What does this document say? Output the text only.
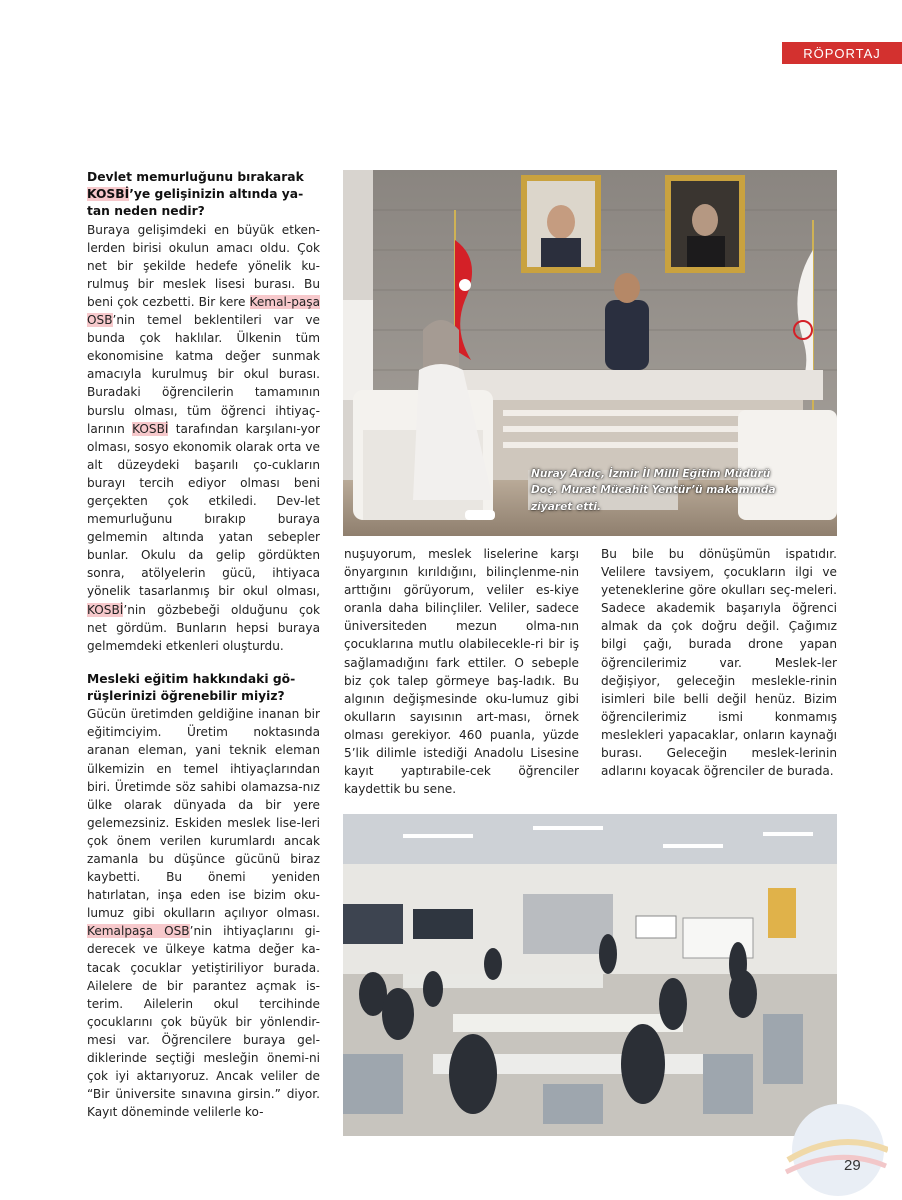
RÖPORTAJ
Devlet memurluğunu bırakarak
KOSBİ’ye gelişinizin altında ya-
tan neden nedir?

Buraya gelişimdeki en büyük etken-lerden birisi okulun amacı oldu. Çok net bir şekilde hedefe yönelik ku-rulmuş bir meslek lisesi burası. Bu beni çok cezbetti. Bir kere Kemal-paşa OSB’nin temel beklentileri var ve bunda çok haklılar. Ülkenin tüm ekonomisine katma değer sunmak amacıyla kurulmuş bir okul burası. Buradaki öğrencilerin tamamının burslu olması, tüm öğrenci ihtiyaç-larının KOSBİ tarafından karşılanı-yor olması, sosyo ekonomik olarak orta ve alt düzeydeki başarılı ço-cukların burayı tercih ediyor olması beni gerçekten çok etkiledi. Dev-let memurluğunu bırakıp buraya gelmemin altında yatan sebepler bunlar. Okulu da gelip gördükten sonra, atölyelerin gücü, ihtiyaca yönelik tasarlanmış bir okul olması, KOSBİ’nin gözbebeği olduğunu çok net gördüm. Bunların hepsi buraya gelmemdeki etkenleri oluşturdu.

Mesleki eğitim hakkındaki gö-
rüşlerinizi öğrenebilir miyiz?

Gücün üretimden geldiğine inanan bir eğitimciyim. Üretim noktasında aranan eleman, yani teknik eleman ülkemizin en temel ihtiyaçlarından biri. Üretimde söz sahibi olamazsa-nız ülke olarak dünyada da bir yere gelemezsiniz. Eskiden meslek lise-leri çok önem verilen kurumlardı ancak zamanla bu düşünce gücünü biraz kaybetti. Bu önemi yeniden hatırlatan, inşa eden ise bizim oku-lumuz gibi okulların açılıyor olması. Kemalpaşa OSB’nin ihtiyaçlarını gi-derecek ve ülkeye katma değer ka-tacak çocuklar yetiştiriliyor burada. Ailelere de bir parantez açmak is-terim. Ailelerin okul tercihinde çocuklarını çok büyük bir yönlendir-mesi var. Öğrencilere buraya gel-diklerinde seçtiği mesleğin önemi-ni çok iyi aktarıyoruz. Ancak veliler de “Bir üniversite sınavına girsin.” diyor. Kayıt döneminde velilerle ko-

nuşuyorum, meslek liselerine karşı önyargının kırıldığını, bilinçlenme-nin arttığını görüyorum, veliler es-kiye oranla daha bilinçliler. Veliler, sadece üniversiteden mezun olma-nın çocuklarına mutlu olabilecekle-ri bir iş sağlamadığını fark ettiler. O sebeple biz çok talep görmeye baş-ladık. Bu algının değişmesinde oku-lumuz gibi okulların sayısının art-ması, örnek olması gerekiyor. 460 puanla, yüzde 5’lik dilimle istediği Anadolu Lisesine kayıt yaptırabile-cek öğrenciler kaydettik bu sene.

Bu bile bu dönüşümün ispatıdır. Velilere tavsiyem, çocukların ilgi ve yeteneklerine göre okulları seç-meleri. Sadece akademik başarıyla öğrenci almak da çok doğru değil. Çağımız bilgi çağı, burada drone yapan öğrencilerimiz var. Meslek-ler değişiyor, geleceğin meslekle-rinin isimleri bile belli değil henüz. Bizim öğrencilerimiz ismi konmamış meslekleri yapacaklar, onların kaynağı burası. Geleceğin meslek-lerinin adlarını koyacak öğrenciler de burada.

Nuray Ardıç, İzmir İl Milli Eğitim Müdürü
Doç. Murat Mücahit Yentür’ü makamında
ziyaret etti.
29
